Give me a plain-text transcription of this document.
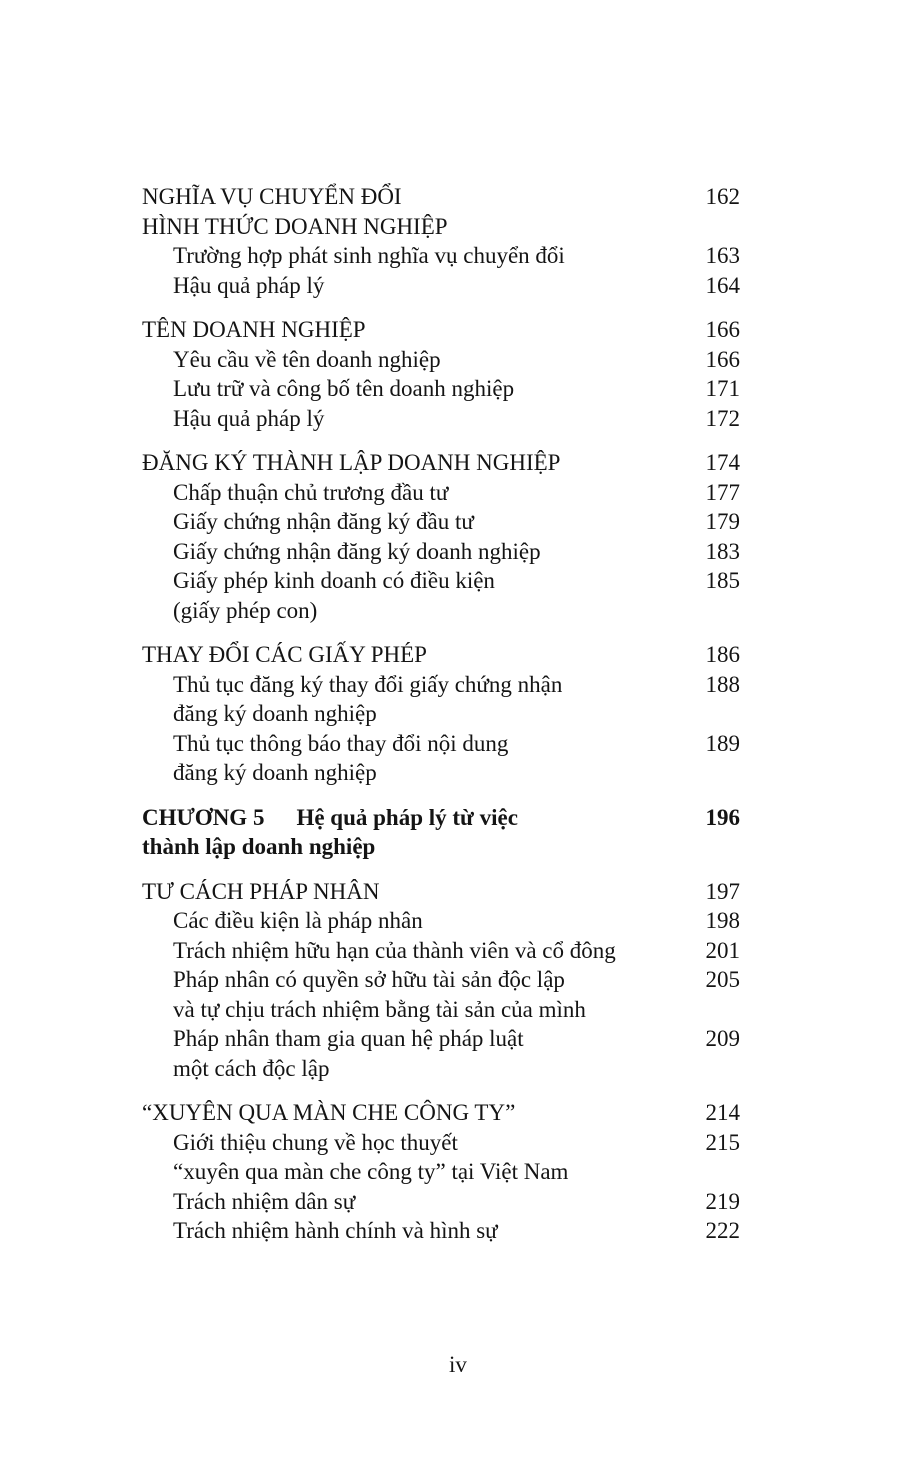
NGHĨA VỤ CHUYỂN ĐỔI	162
HÌNH THỨC DOANH NGHIỆP
Trường hợp phát sinh nghĩa vụ chuyển đổi	163
Hậu quả pháp lý	164
TÊN DOANH NGHIỆP	166
Yêu cầu về tên doanh nghiệp	166
Lưu trữ và công bố tên doanh nghiệp	171
Hậu quả pháp lý	172
ĐĂNG KÝ THÀNH LẬP DOANH NGHIỆP	174
Chấp thuận chủ trương đầu tư	177
Giấy chứng nhận đăng ký đầu tư	179
Giấy chứng nhận đăng ký doanh nghiệp	183
Giấy phép kinh doanh có điều kiện	185
(giấy phép con)
THAY ĐỔI CÁC GIẤY PHÉP	186
Thủ tục đăng ký thay đổi giấy chứng nhận	188
đăng ký doanh nghiệp
Thủ tục thông báo thay đổi nội dung	189
đăng ký doanh nghiệp
CHƯƠNG 5 Hệ quả pháp lý từ việc	196
thành lập doanh nghiệp
TƯ CÁCH PHÁP NHÂN	197
Các điều kiện là pháp nhân	198
Trách nhiệm hữu hạn của thành viên và cổ đông	201
Pháp nhân có quyền sở hữu tài sản độc lập	205
và tự chịu trách nhiệm bằng tài sản của mình
Pháp nhân tham gia quan hệ pháp luật	209
một cách độc lập
“XUYÊN QUA MÀN CHE CÔNG TY”	214
Giới thiệu chung về học thuyết	215
“xuyên qua màn che công ty” tại Việt Nam
Trách nhiệm dân sự	219
Trách nhiệm hành chính và hình sự	222
iv
